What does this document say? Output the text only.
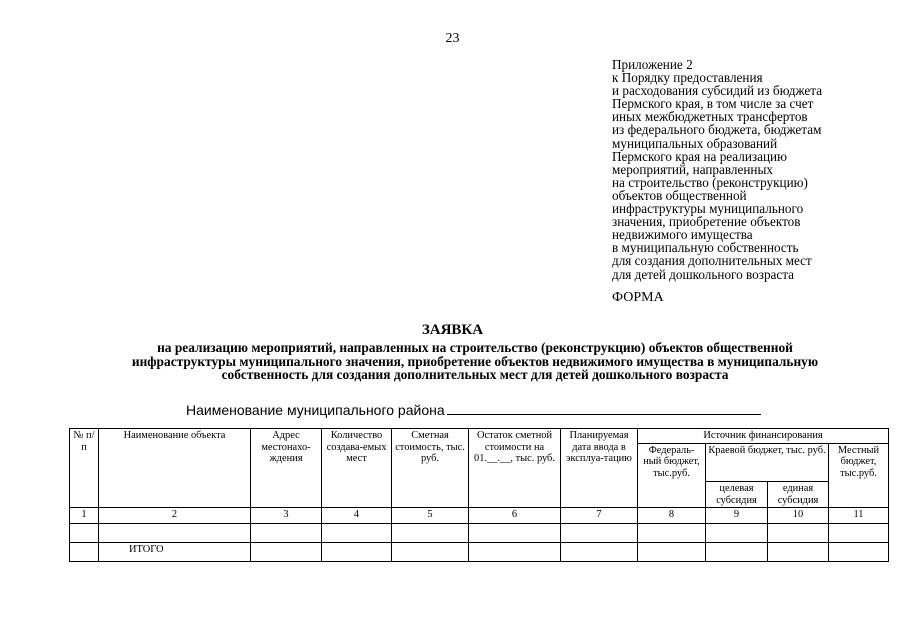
23
Приложение 2
к Порядку предоставления
и расходования субсидий из бюджета
Пермского края, в том числе за счет
иных межбюджетных трансфертов
из федерального бюджета, бюджетам
муниципальных образований
Пермского края на реализацию
мероприятий, направленных
на строительство (реконструкцию)
объектов общественной
инфраструктуры муниципального
значения, приобретение объектов
недвижимого имущества
в муниципальную собственность
для создания дополнительных мест
для детей дошкольного возраста
ФОРМА
ЗАЯВКА
на реализацию мероприятий, направленных на строительство (реконструкцию) объектов общественной
инфраструктуры муниципального значения, приобретение объектов недвижимого имущества в муниципальную
собственность для создания дополнительных мест для детей дошкольного возраста
Наименование муниципального района
№ п/п	Наименование объекта	Адрес местонахо-ждения	Количество создава-емых мест	Сметная стоимость, тыс. руб.	Остаток сметной стоимости на 01.__.__, тыс. руб.	Планируемая дата ввода в эксплуа-тацию	Источник финансирования			
							Федераль-ный бюджет, тыс.руб.	Краевой бюджет, тыс. руб.		Местный бюджет, тыс.руб.
								целевая субсидия	единая субсидия	
1	2	3	4	5	6	7	8	9	10	11

	ИТОГО									
